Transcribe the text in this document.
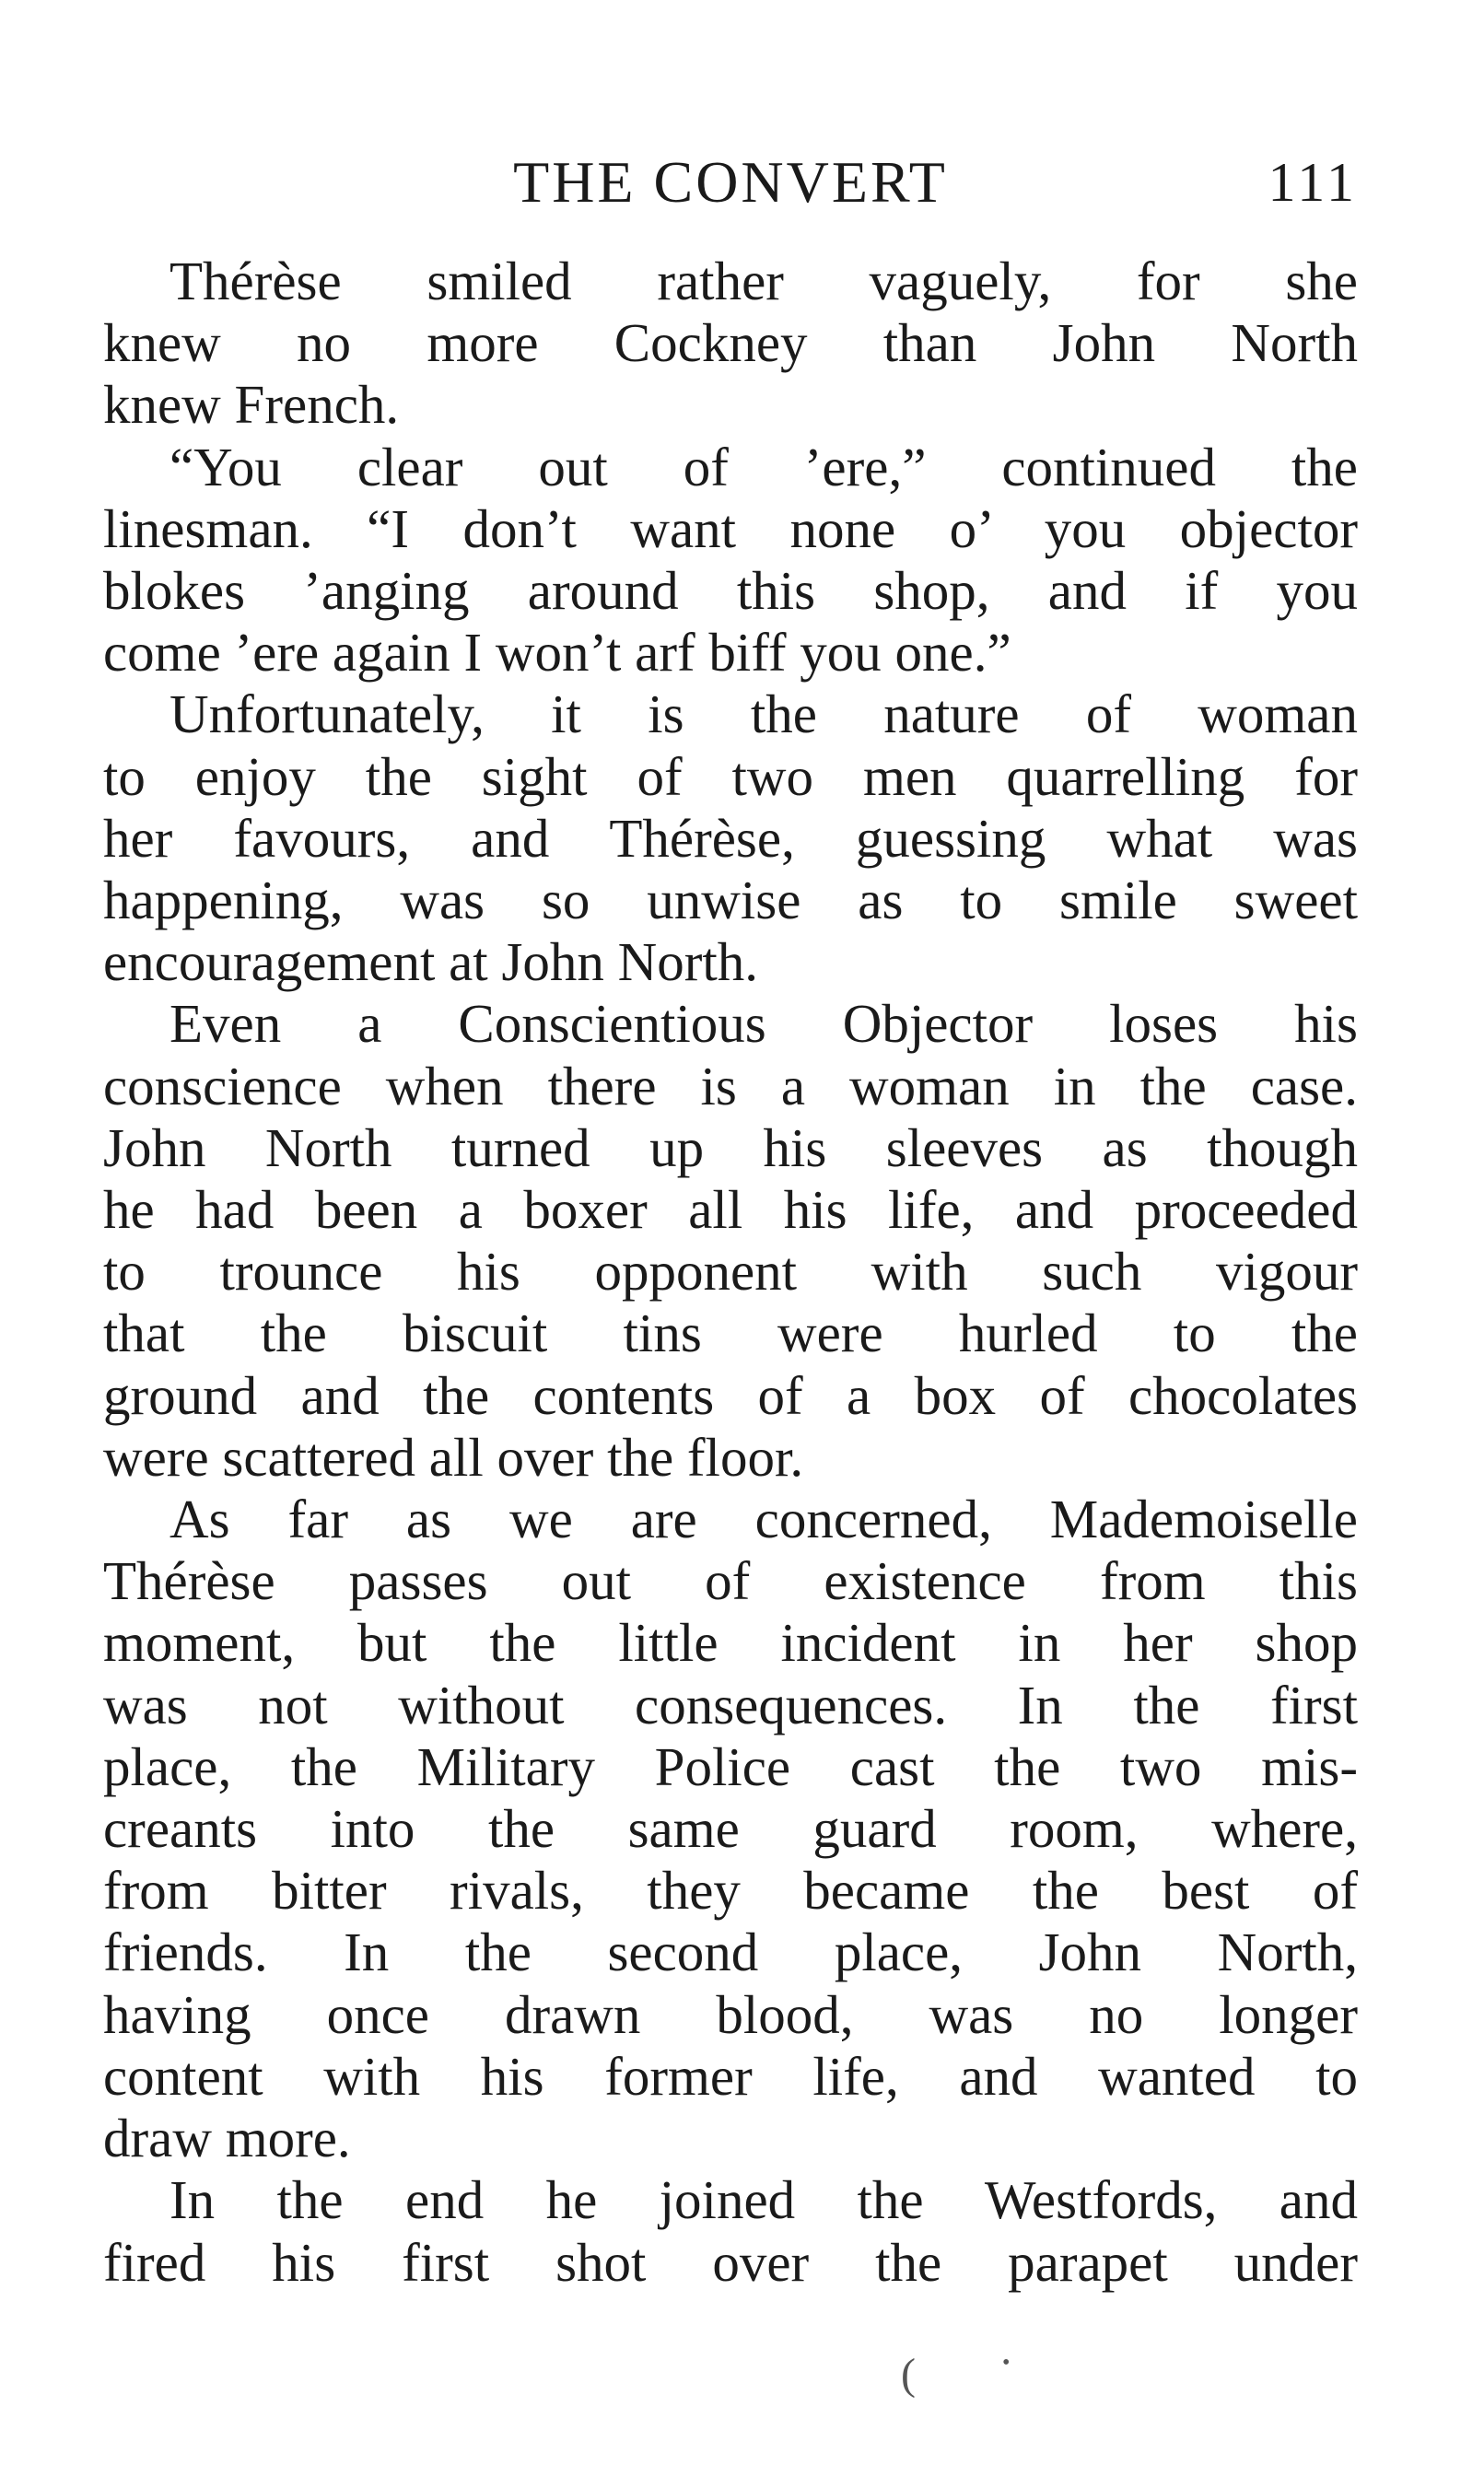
THE CONVERT	111
Thérèse smiled rather vaguely, for she
knew no more Cockney than John North
knew French.
“You clear out of ’ere,” continued the
linesman. “I don’t want none o’ you objector
blokes ’anging around this shop, and if you
come ’ere again I won’t arf biff you one.”
Unfortunately, it is the nature of woman
to enjoy the sight of two men quarrelling for
her favours, and Thérèse, guessing what was
happening, was so unwise as to smile sweet
encouragement at John North.
Even a Conscientious Objector loses his
conscience when there is a woman in the case.
John North turned up his sleeves as though
he had been a boxer all his life, and proceeded
to trounce his opponent with such vigour
that the biscuit tins were hurled to the
ground and the contents of a box of chocolates
were scattered all over the floor.
As far as we are concerned, Mademoiselle
Thérèse passes out of existence from this
moment, but the little incident in her shop
was not without consequences. In the first
place, the Military Police cast the two mis-
creants into the same guard room, where,
from bitter rivals, they became the best of
friends. In the second place, John North,
having once drawn blood, was no longer
content with his former life, and wanted to
draw more.
In the end he joined the Westfords, and
fired his first shot over the parapet under
(	•
